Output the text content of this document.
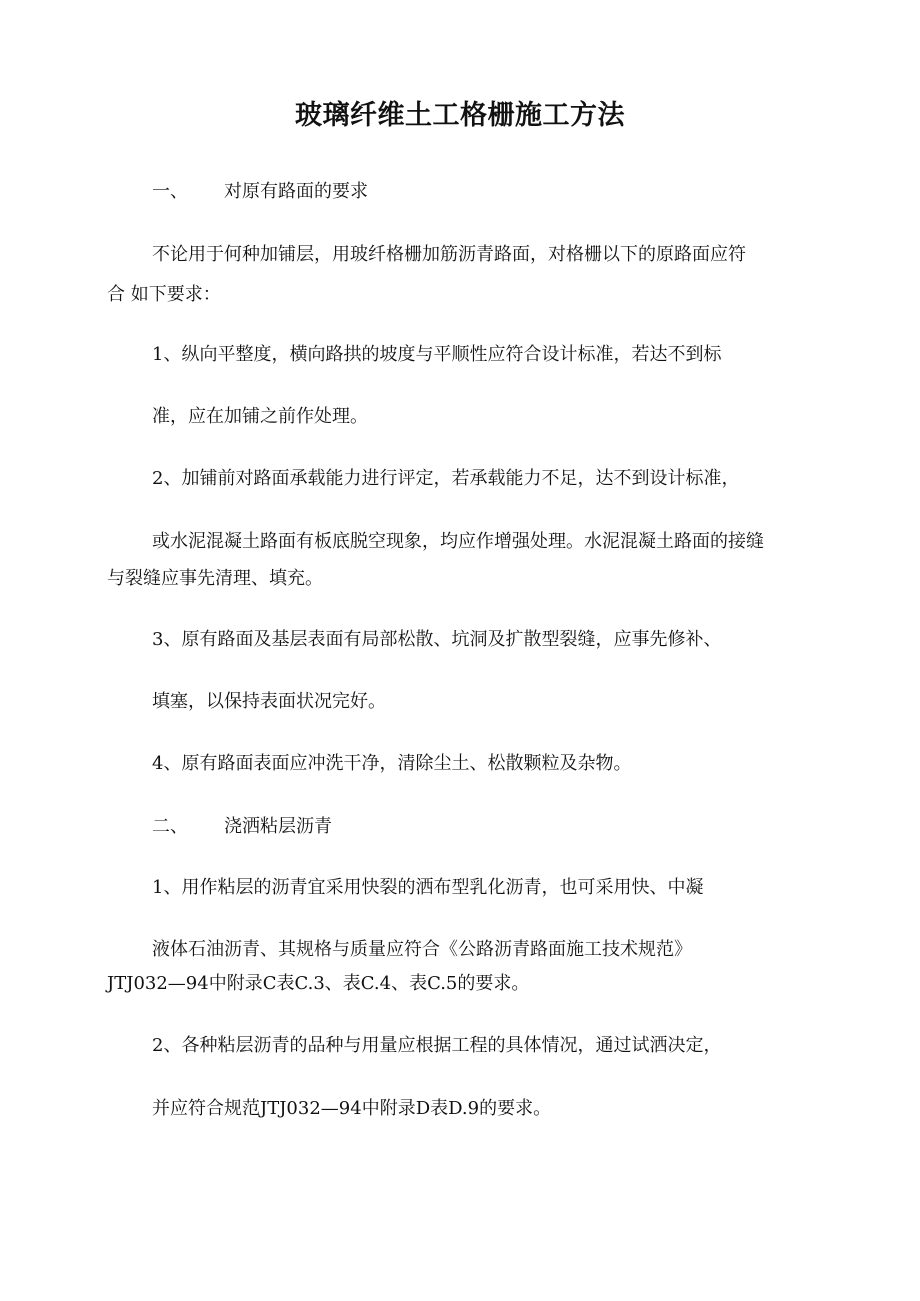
玻璃纤维土工格栅施工方法
一、 对原有路面的要求
不论用于何种加铺层，用玻纤格栅加筋沥青路面，对格栅以下的原路面应符
合 如下要求：
1、纵向平整度，横向路拱的坡度与平顺性应符合设计标准，若达不到标
准，应在加铺之前作处理。
2、加铺前对路面承载能力进行评定，若承载能力不足，达不到设计标准，
或水泥混凝土路面有板底脱空现象，均应作增强处理。水泥混凝土路面的接缝
与裂缝应事先清理、填充。
3、原有路面及基层表面有局部松散、坑洞及扩散型裂缝，应事先修补、
填塞，以保持表面状况完好。
4、原有路面表面应冲洗干净，清除尘土、松散颗粒及杂物。
二、 浇洒粘层沥青
1、用作粘层的沥青宜采用快裂的洒布型乳化沥青，也可采用快、中凝
液体石油沥青、其规格与质量应符合《公路沥青路面施工技术规范》
JTJ032—94中附录C表C.3、表C.4、表C.5的要求。
2、各种粘层沥青的品种与用量应根据工程的具体情况，通过试洒决定，
并应符合规范JTJ032—94中附录D表D.9的要求。
